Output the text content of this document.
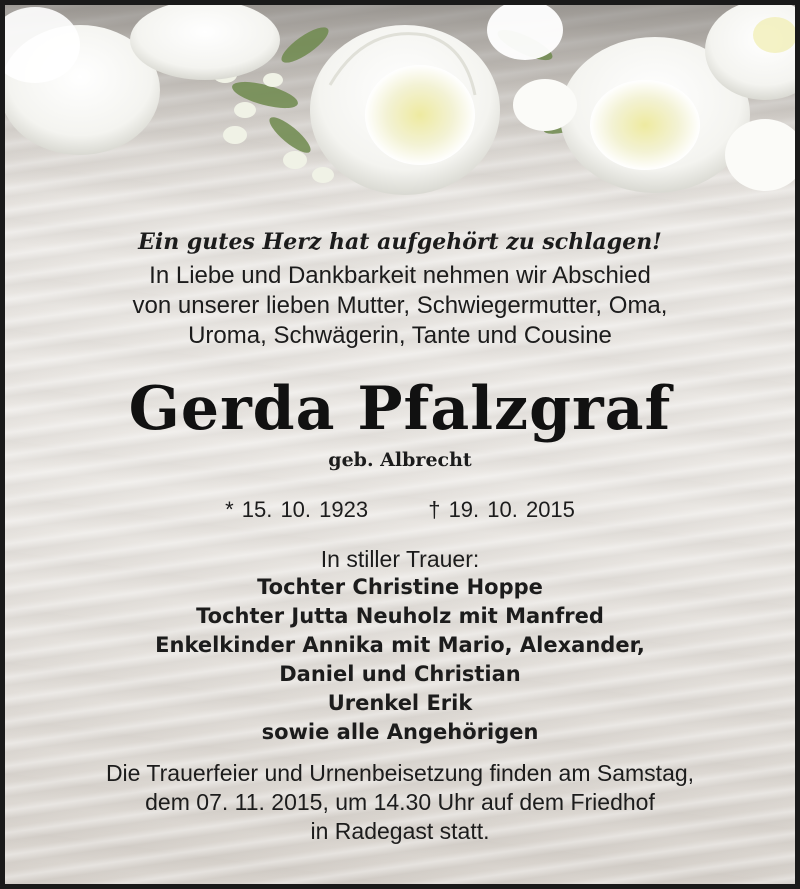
Ein gutes Herz hat aufgehört zu schlagen!

In Liebe und Dankbarkeit nehmen wir Abschied
von unserer lieben Mutter, Schwiegermutter, Oma,
Uroma, Schwägerin, Tante und Cousine

Gerda Pfalzgraf

geb. Albrecht

* 15. 10. 1923	† 19. 10. 2015

In stiller Trauer:

Tochter Christine Hoppe
Tochter Jutta Neuholz mit Manfred
Enkelkinder Annika mit Mario, Alexander,
Daniel und Christian
Urenkel Erik
sowie alle Angehörigen

Die Trauerfeier und Urnenbeisetzung finden am Samstag,
dem 07. 11. 2015, um 14.30 Uhr auf dem Friedhof
in Radegast statt.
